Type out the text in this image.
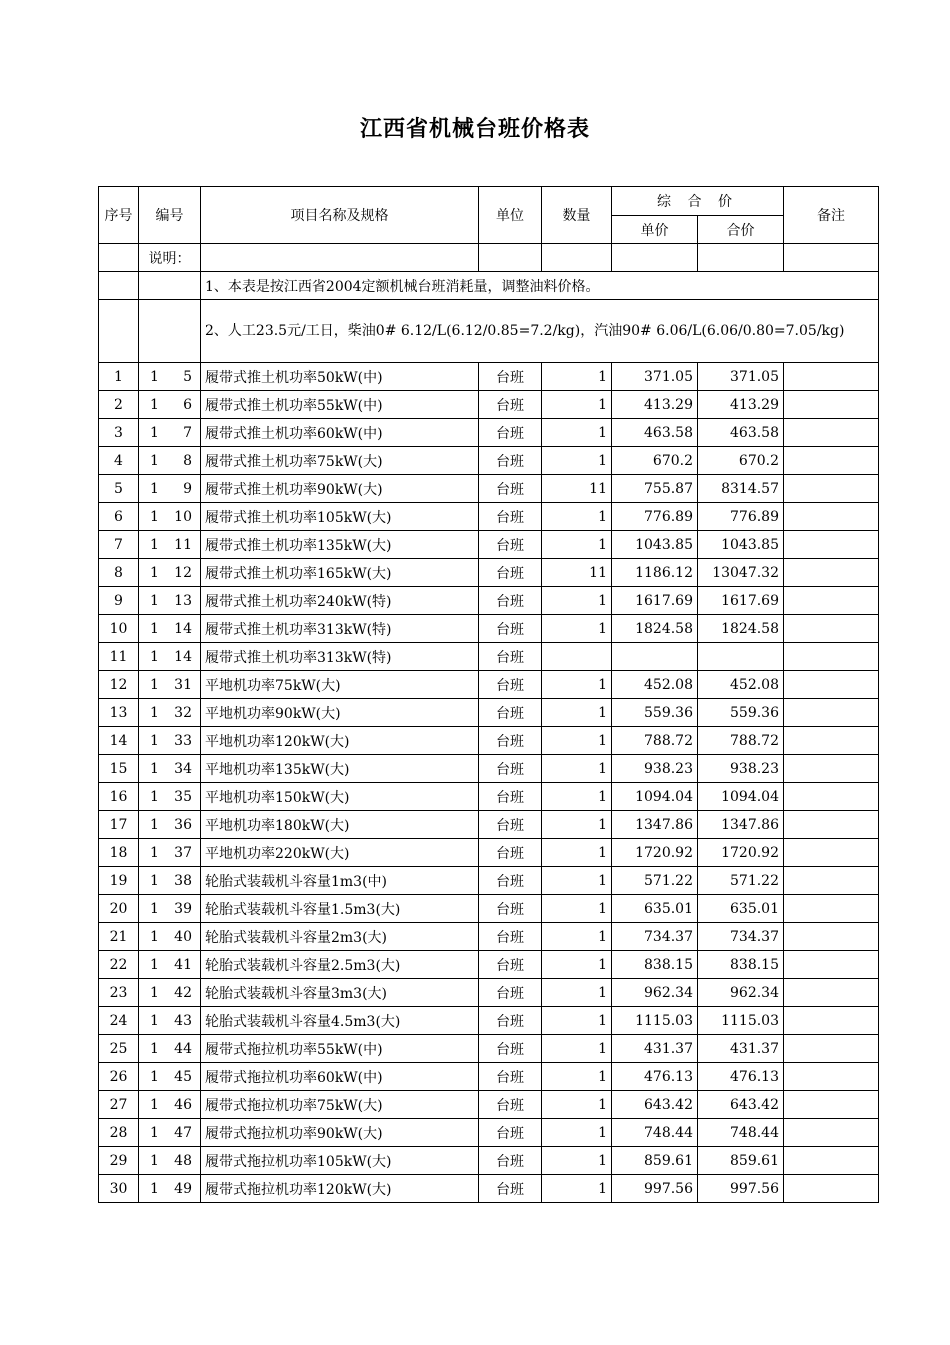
江西省机械台班价格表
序号	编号	项目名称及规格	单位	数量	综 合 价		备注
					单价	合价	
	说明：						
		1、本表是按江西省2004定额机械台班消耗量，调整油料价格。					
		2、人工23.5元/工日，柴油0# 6.12/L(6.12/0.85=7.2/kg)，汽油90# 6.06/L(6.06/0.80=7.05/kg)					
1	1 5	履带式推土机功率50kW(中)	台班	1	371.05	371.05	
2	1 6	履带式推土机功率55kW(中)	台班	1	413.29	413.29	
3	1 7	履带式推土机功率60kW(中)	台班	1	463.58	463.58	
4	1 8	履带式推土机功率75kW(大)	台班	1	670.2	670.2	
5	1 9	履带式推土机功率90kW(大)	台班	11	755.87	8314.57	
6	1 10	履带式推土机功率105kW(大)	台班	1	776.89	776.89	
7	1 11	履带式推土机功率135kW(大)	台班	1	1043.85	1043.85	
8	1 12	履带式推土机功率165kW(大)	台班	11	1186.12	13047.32	
9	1 13	履带式推土机功率240kW(特)	台班	1	1617.69	1617.69	
10	1 14	履带式推土机功率313kW(特)	台班	1	1824.58	1824.58	
11	1 14	履带式推土机功率313kW(特)	台班				
12	1 31	平地机功率75kW(大)	台班	1	452.08	452.08	
13	1 32	平地机功率90kW(大)	台班	1	559.36	559.36	
14	1 33	平地机功率120kW(大)	台班	1	788.72	788.72	
15	1 34	平地机功率135kW(大)	台班	1	938.23	938.23	
16	1 35	平地机功率150kW(大)	台班	1	1094.04	1094.04	
17	1 36	平地机功率180kW(大)	台班	1	1347.86	1347.86	
18	1 37	平地机功率220kW(大)	台班	1	1720.92	1720.92	
19	1 38	轮胎式装载机斗容量1m3(中)	台班	1	571.22	571.22	
20	1 39	轮胎式装载机斗容量1.5m3(大)	台班	1	635.01	635.01	
21	1 40	轮胎式装载机斗容量2m3(大)	台班	1	734.37	734.37	
22	1 41	轮胎式装载机斗容量2.5m3(大)	台班	1	838.15	838.15	
23	1 42	轮胎式装载机斗容量3m3(大)	台班	1	962.34	962.34	
24	1 43	轮胎式装载机斗容量4.5m3(大)	台班	1	1115.03	1115.03	
25	1 44	履带式拖拉机功率55kW(中)	台班	1	431.37	431.37	
26	1 45	履带式拖拉机功率60kW(中)	台班	1	476.13	476.13	
27	1 46	履带式拖拉机功率75kW(大)	台班	1	643.42	643.42	
28	1 47	履带式拖拉机功率90kW(大)	台班	1	748.44	748.44	
29	1 48	履带式拖拉机功率105kW(大)	台班	1	859.61	859.61	
30	1 49	履带式拖拉机功率120kW(大)	台班	1	997.56	997.56	
